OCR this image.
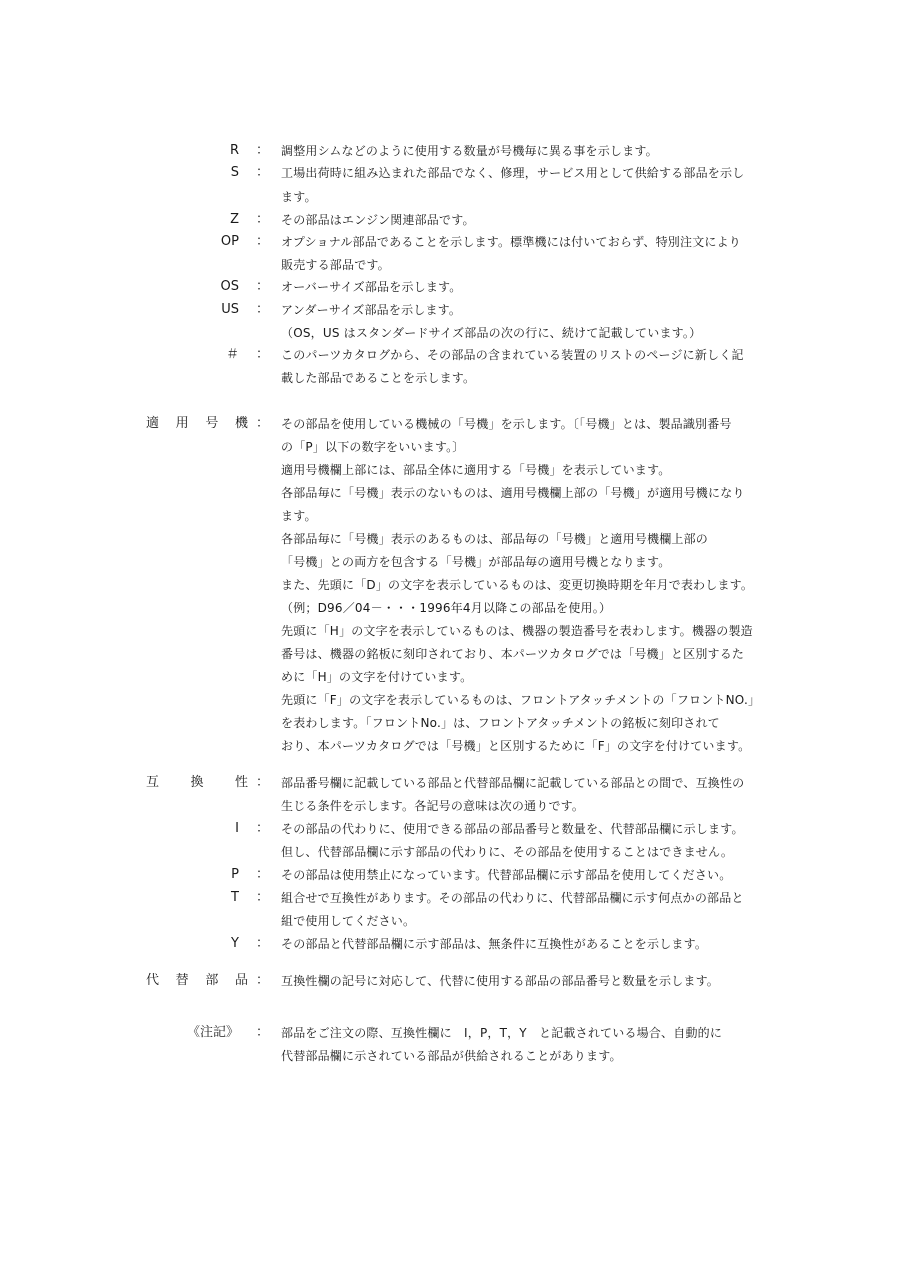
R ： 調整用シムなどのように使用する数量が号機毎に異る事を示します。
S ： 工場出荷時に組み込まれた部品でなく、修理，サービス用として供給する部品を示し
ます。
Z ： その部品はエンジン関連部品です。
OP ： オプショナル部品であることを示します。標準機には付いておらず、特別注文により
販売する部品です。
OS ： オーバーサイズ部品を示します。
US ： アンダーサイズ部品を示します。
（OS，US はスタンダードサイズ部品の次の行に、続けて記載しています。）
＃ ： このパーツカタログから、その部品の含まれている装置のリストのページに新しく記
載した部品であることを示します。
適用号機 ： その部品を使用している機械の「号機」を示します。〔「号機」とは、製品識別番号
の「P」以下の数字をいいます。〕
適用号機欄上部には、部品全体に適用する「号機」を表示しています。
各部品毎に「号機」表示のないものは、適用号機欄上部の「号機」が適用号機になり
ます。
各部品毎に「号機」表示のあるものは、部品毎の「号機」と適用号機欄上部の
「号機」との両方を包含する「号機」が部品毎の適用号機となります。
また、先頭に「D」の文字を表示しているものは、変更切換時期を年月で表わします。
（例；D96／04－・・・1996年4月以降この部品を使用。）
先頭に「H」の文字を表示しているものは、機器の製造番号を表わします。機器の製造
番号は、機器の銘板に刻印されており、本パーツカタログでは「号機」と区別するた
めに「H」の文字を付けています。
先頭に「F」の文字を表示しているものは、フロントアタッチメントの「フロントNO.」
を表わします。「フロントNo.」は、フロントアタッチメントの銘板に刻印されて
おり、本パーツカタログでは「号機」と区別するために「F」の文字を付けています。
互換性 ： 部品番号欄に記載している部品と代替部品欄に記載している部品との間で、互換性の
生じる条件を示します。各記号の意味は次の通りです。
I ： その部品の代わりに、使用できる部品の部品番号と数量を、代替部品欄に示します。
但し、代替部品欄に示す部品の代わりに、その部品を使用することはできません。
P ： その部品は使用禁止になっています。代替部品欄に示す部品を使用してください。
T ： 組合せで互換性があります。その部品の代わりに、代替部品欄に示す何点かの部品と
組で使用してください。
Y ： その部品と代替部品欄に示す部品は、無条件に互換性があることを示します。
代替部品 ： 互換性欄の記号に対応して、代替に使用する部品の部品番号と数量を示します。
《注記》 ： 部品をご注文の際、互換性欄に　I，P，T，Y　と記載されている場合、自動的に
代替部品欄に示されている部品が供給されることがあります。
